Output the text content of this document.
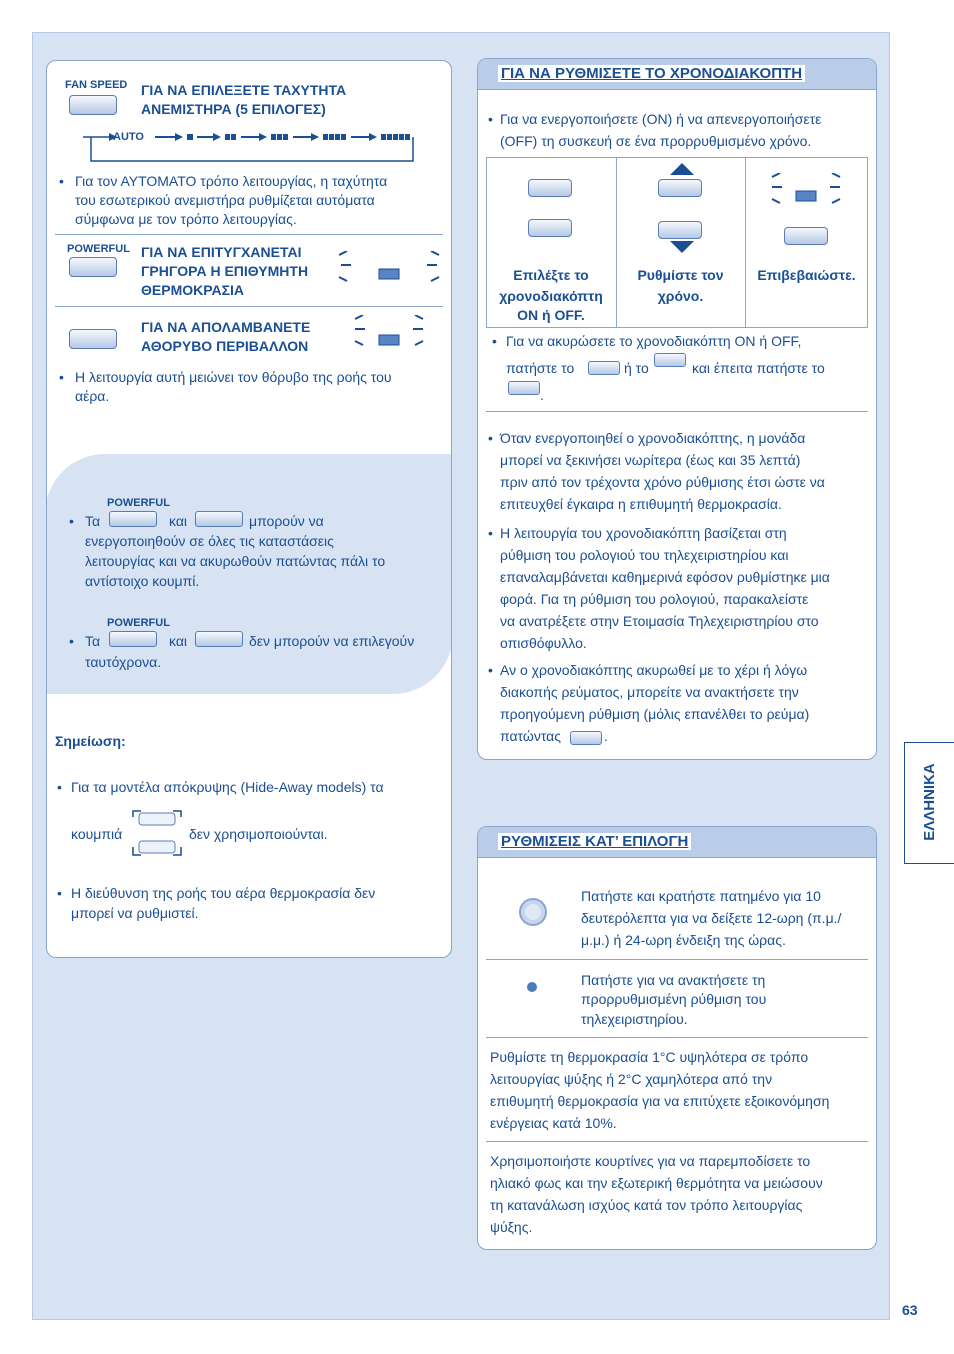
FAN SPEED ΓΙΑ ΝΑ ΕΠΙΛΕΞΕΤΕ ΤΑΧΥΤΗΤΑ
ΑΝΕΜΙΣΤΗΡΑ (5 ΕΠΙΛΟΓΕΣ)
AUTO
• Για τον ΑΥΤΟΜΑΤΟ τρόπο λειτουργίας, η ταχύτητα
του εσωτερικού ανεμιστήρα ρυθμίζεται αυτόματα
σύμφωνα με τον τρόπο λειτουργίας.
POWERFUL ΓΙΑ ΝΑ ΕΠΙΤΥΓΧΑΝΕΤΑΙ
ΓΡΗΓΟΡΑ Η ΕΠΙΘΥΜΗΤΗ
ΘΕΡΜΟΚΡΑΣΙΑ
ΓΙΑ ΝΑ ΑΠΟΛΑΜΒΑΝΕΤΕ
ΑΘΟΡΥΒΟ ΠΕΡΙΒΑΛΛΟΝ
• Η λειτουργία αυτή μειώνει τον θόρυβο της ροής του
αέρα.
POWERFUL
• Τα	και	μπορούν να
ενεργοποιηθούν σε όλες τις καταστάσεις
λειτουργίας και να ακυρωθούν πατώντας πάλι το
αντίστοιχο κουμπί.
POWERFUL
• Τα	και	δεν μπορούν να επιλεγούν
ταυτόχρονα.
Σημείωση:
• Για τα μοντέλα απόκρυψης (Hide-Away models) τα
κουμπιά	δεν χρησιμοποιούνται.
• Η διεύθυνση της ροής του αέρα θερμοκρασία δεν
μπορεί να ρυθμιστεί.
ΓΙΑ ΝΑ ΡΥΘΜΙΣΕΤΕ ΤΟ ΧΡΟΝΟΔΙΑΚΟΠΤΗ
• Για να ενεργοποιήσετε (ON) ή να απενεργοποιήσετε
(OFF) τη συσκευή σε ένα προρρυθμισμένο χρόνο.
Επιλέξτε το
χρονοδιακόπτη
ON ή OFF.
Ρυθμίστε τον
χρόνο.
Επιβεβαιώστε.
• Για να ακυρώσετε το χρονοδιακόπτη ON ή OFF,
πατήστε το	ή το	και έπειτα πατήστε το
.
• Όταν ενεργοποιηθεί ο χρονοδιακόπτης, η μονάδα
μπορεί να ξεκινήσει νωρίτερα (έως και 35 λεπτά)
πριν από τον τρέχοντα χρόνο ρύθμισης έτσι ώστε να
επιτευχθεί έγκαιρα η επιθυμητή θερμοκρασία.
• Η λειτουργία του χρονοδιακόπτη βασίζεται στη
ρύθμιση του ρολογιού του τηλεχειριστηρίου και
επαναλαμβάνεται καθημερινά εφόσον ρυθμίστηκε μια
φορά. Για τη ρύθμιση του ρολογιού, παρακαλείστε
να ανατρέξετε στην Ετοιμασία Τηλεχειριστηρίου στο
οπισθόφυλλο.
• Αν ο χρονοδιακόπτης ακυρωθεί με το χέρι ή λόγω
διακοπής ρεύματος, μπορείτε να ανακτήσετε την
προηγούμενη ρύθμιση (μόλις επανέλθει το ρεύμα)
πατώντας	.
ΡΥΘΜΙΣΕΙΣ ΚΑΤ’ ΕΠΙΛΟΓΗ
Πατήστε και κρατήστε πατημένο για 10
δευτερόλεπτα για να δείξετε 12-ωρη (π.μ./
μ.μ.) ή 24-ωρη ένδειξη της ώρας.
Πατήστε για να ανακτήσετε τη
προρρυθμισμένη ρύθμιση του
τηλεχειριστηρίου.
Ρυθμίστε τη θερμοκρασία 1°C υψηλότερα σε τρόπο
λειτουργίας ψύξης ή 2°C χαμηλότερα από την
επιθυμητή θερμοκρασία για να επιτύχετε εξοικονόμηση
ενέργειας κατά 10%.
Χρησιμοποιήστε κουρτίνες για να παρεμποδίσετε το
ηλιακό φως και την εξωτερική θερμότητα να μειώσουν
τη κατανάλωση ισχύος κατά τον τρόπο λειτουργίας
ψύξης.
ΕΛΛΗΝΙΚΑ
63
